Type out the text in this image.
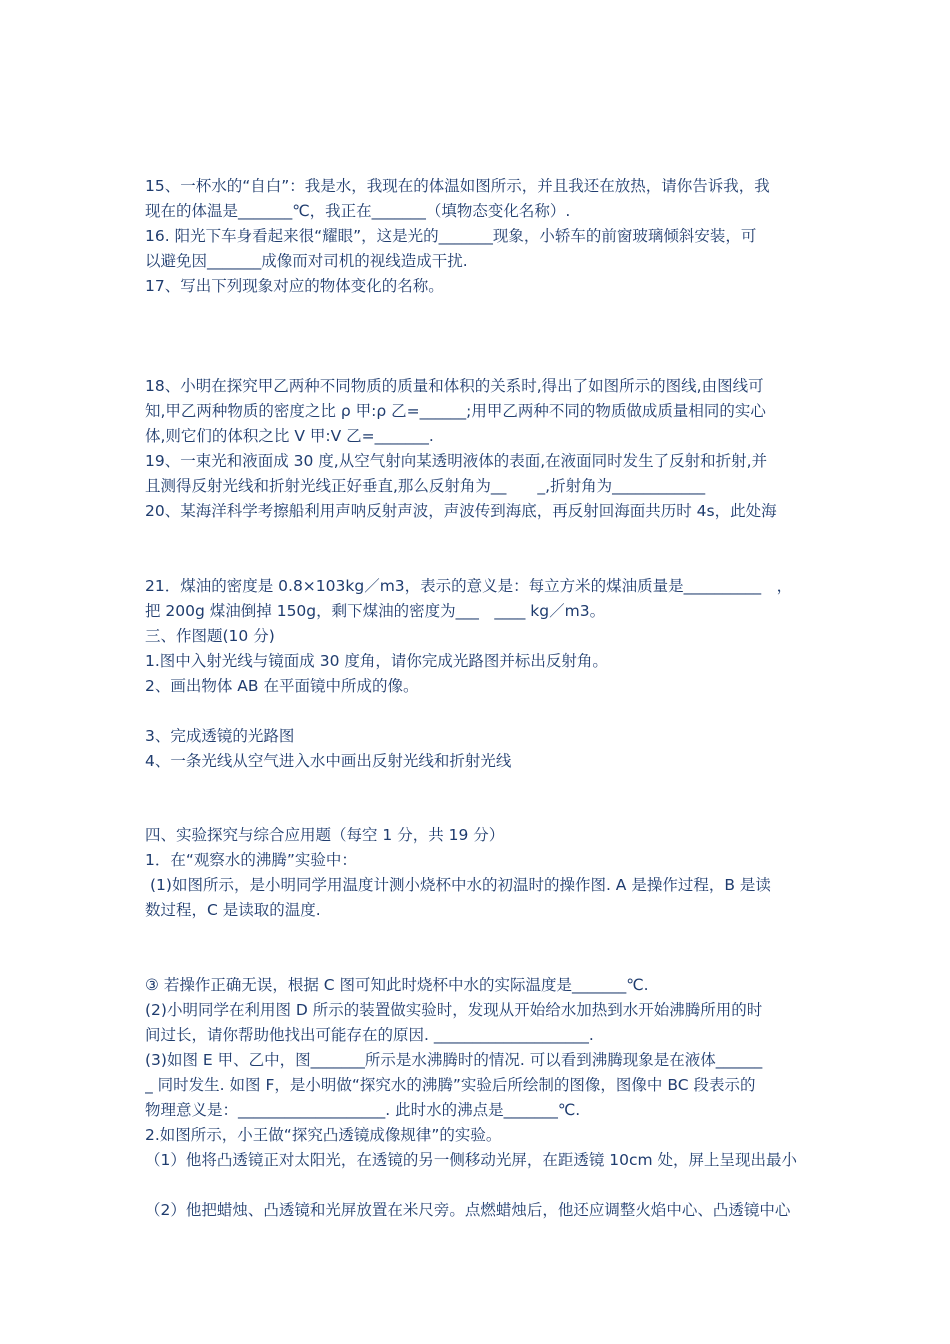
15、一杯水的“自白”：我是水，我现在的体温如图所示，并且我还在放热，请你告诉我，我
现在的体温是_______℃，我正在_______（填物态变化名称）.
16. 阳光下车身看起来很“耀眼”，这是光的_______现象，小轿车的前窗玻璃倾斜安装，可
以避免因_______成像而对司机的视线造成干扰.
17、写出下列现象对应的物体变化的名称。
18、小明在探究甲乙两种不同物质的质量和体积的关系时,得出了如图所示的图线,由图线可
知,甲乙两种物质的密度之比 ρ 甲:ρ 乙=______;用甲乙两种不同的物质做成质量相同的实心
体,则它们的体积之比 V 甲:V 乙=_______.
19、一束光和液面成 30 度,从空气射向某透明液体的表面,在液面同时发生了反射和折射,并
且测得反射光线和折射光线正好垂直,那么反射角为__　　_,折射角为____________
20、某海洋科学考擦船利用声呐反射声波，声波传到海底，再反射回海面共历时 4s，此处海
21．煤油的密度是 0.8×103kg／m3，表示的意义是：每立方米的煤油质量是__________　，
把 200g 煤油倒掉 150g，剩下煤油的密度为___　____ kg／m3。
三、作图题(10 分)
1.图中入射光线与镜面成 30 度角，请你完成光路图并标出反射角。
2、画出物体 AB 在平面镜中所成的像。
3、完成透镜的光路图
4、一条光线从空气进入水中画出反射光线和折射光线
四、实验探究与综合应用题（每空 1 分，共 19 分）
1．在“观察水的沸腾”实验中：
(1)如图所示，是小明同学用温度计测小烧杯中水的初温时的操作图. A 是操作过程，B 是读
数过程，C 是读取的温度.
③ 若操作正确无误，根据 C 图可知此时烧杯中水的实际温度是_______℃.
(2)小明同学在利用图 D 所示的装置做实验时，发现从开始给水加热到水开始沸腾所用的时
间过长，请你帮助他找出可能存在的原因. ____________________.
(3)如图 E 甲、乙中，图_______所示是水沸腾时的情况. 可以看到沸腾现象是在液体______
_ 同时发生. 如图 F，是小明做“探究水的沸腾”实验后所绘制的图像，图像中 BC 段表示的
物理意义是：___________________. 此时水的沸点是_______℃.
2.如图所示，小王做“探究凸透镜成像规律”的实验。
（1）他将凸透镜正对太阳光，在透镜的另一侧移动光屏，在距透镜 10cm 处，屏上呈现出最小
（2）他把蜡烛、凸透镜和光屏放置在米尺旁。点燃蜡烛后，他还应调整火焰中心、凸透镜中心
